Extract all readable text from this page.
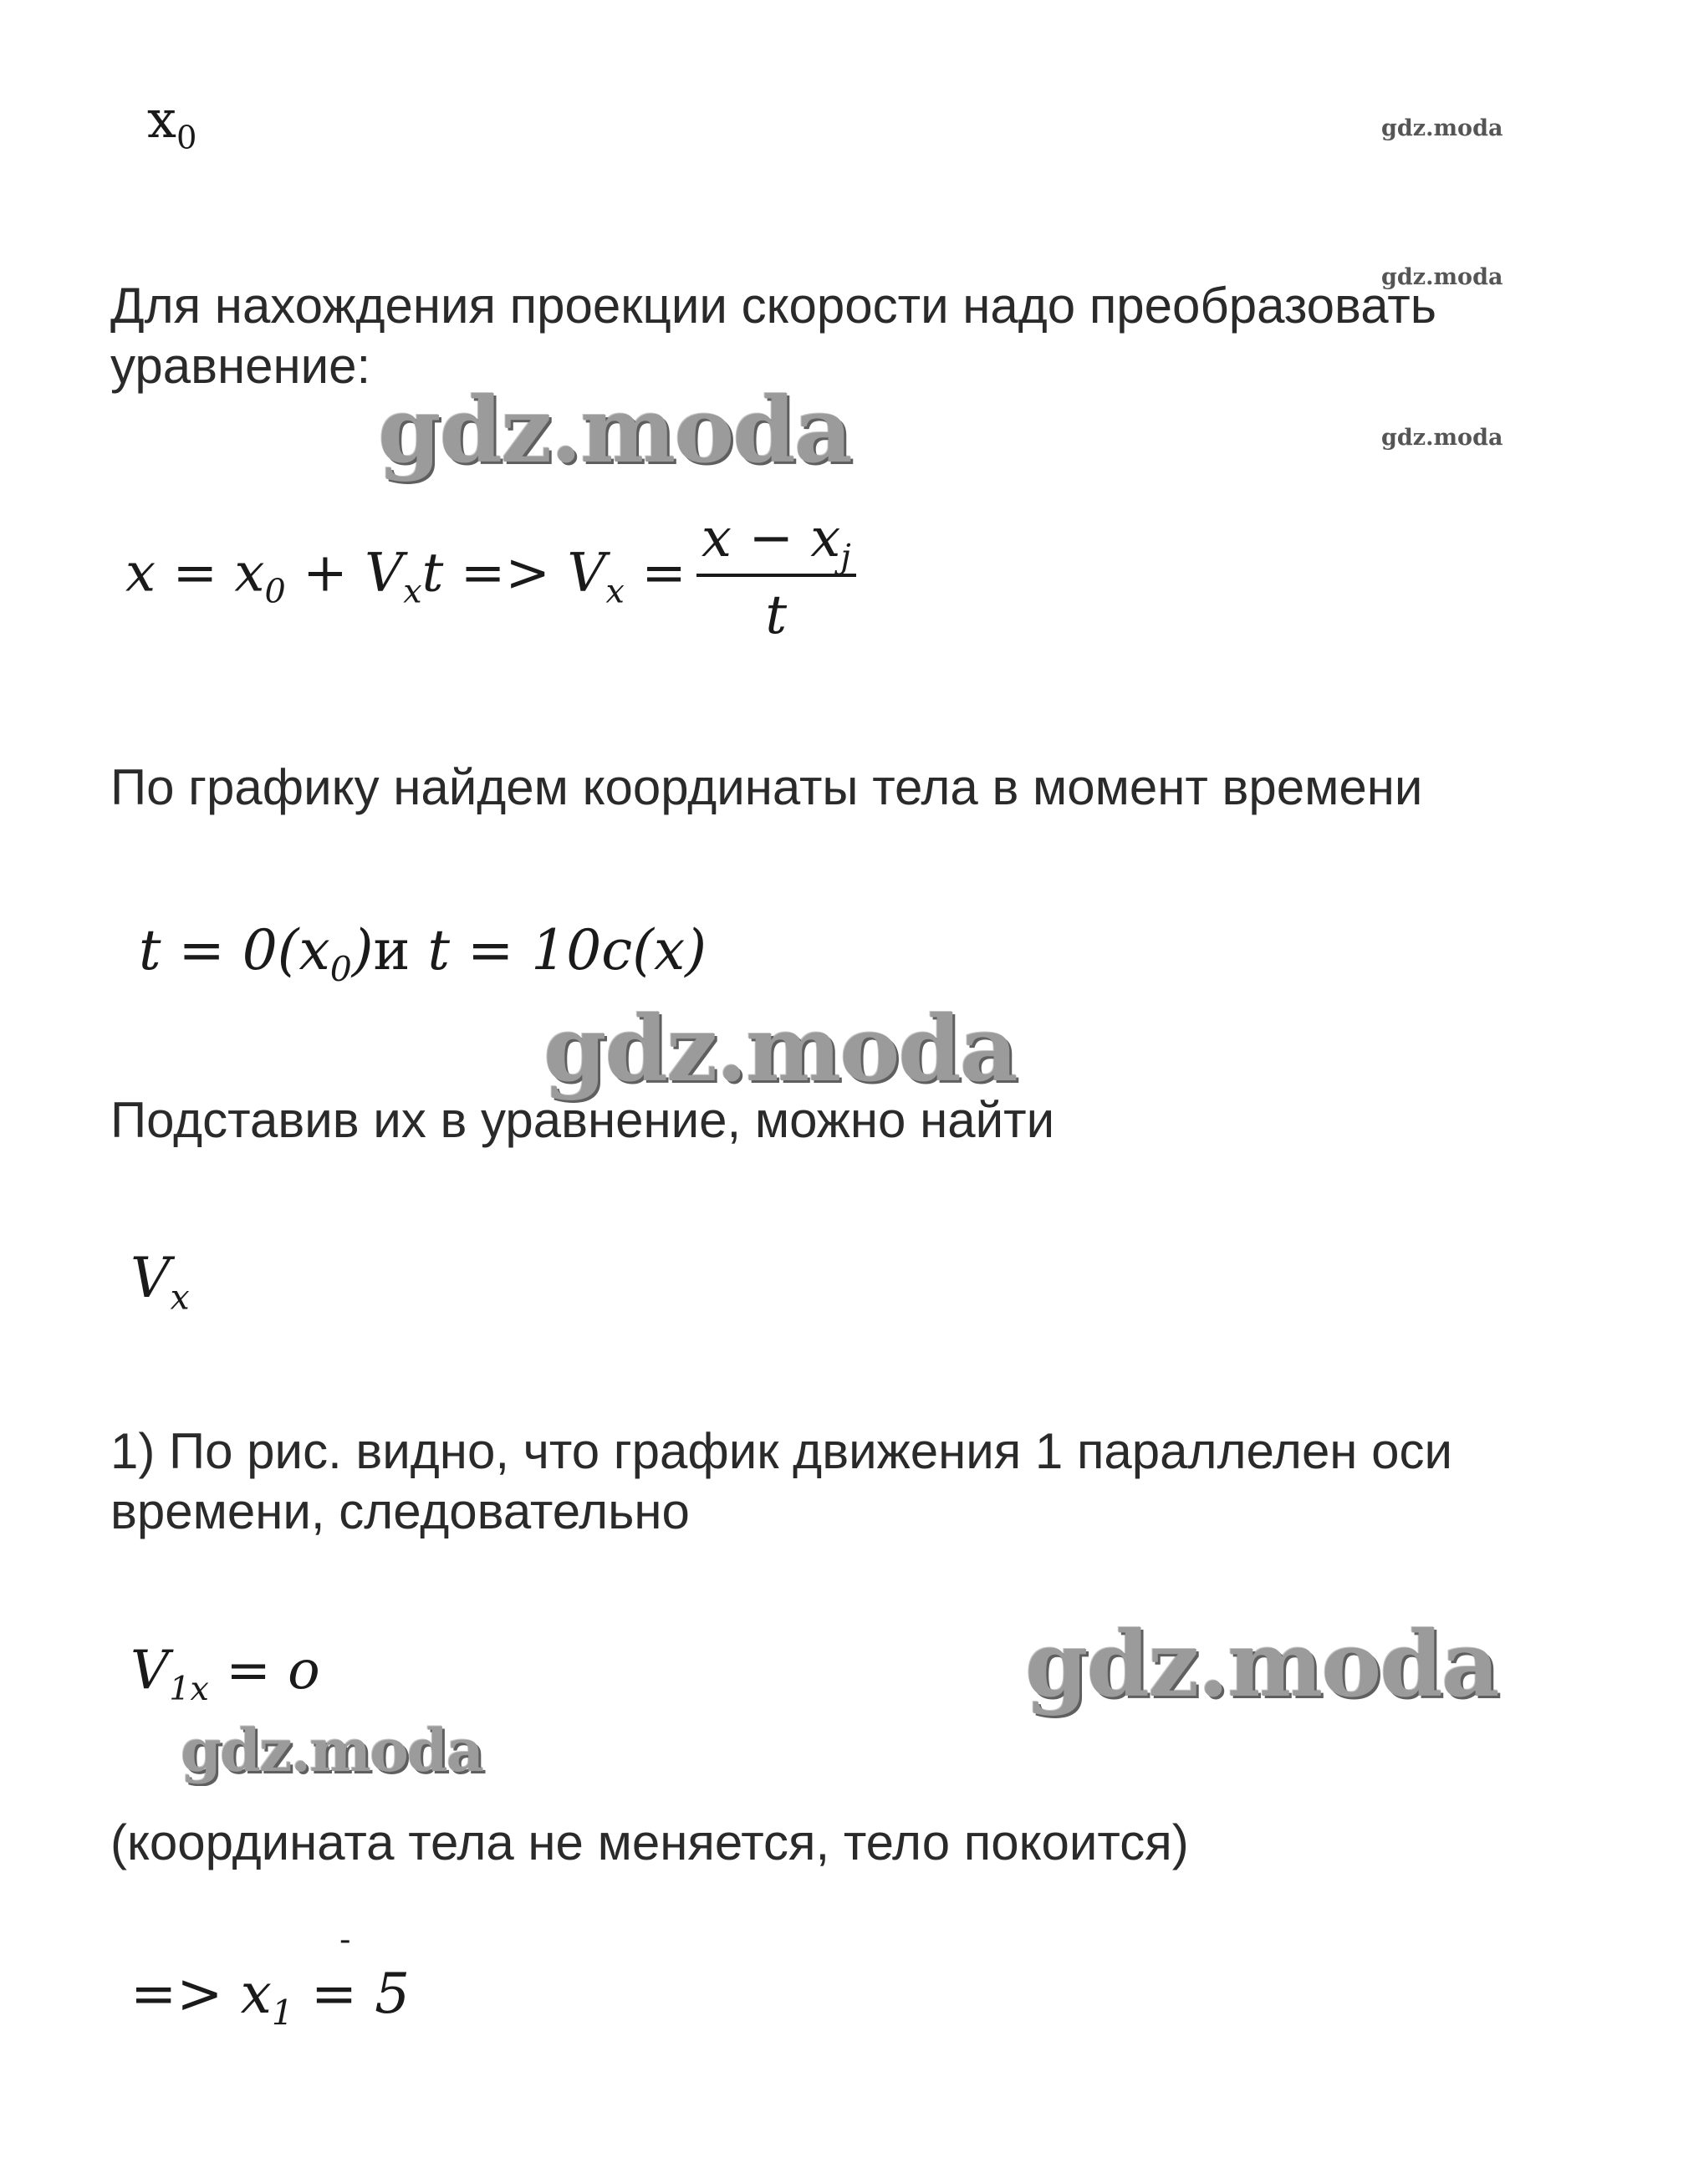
$x_0$	gdz.moda
gdz.moda

Для нахождения проекции скорости надо преобразовать
уравнение:

gdz.moda	gdz.moda
$x = x_0 + V_xt => V_x = \frac{x - x_j}{t}$

По графику найдем координаты тела в момент времени

$t = 0(x_0)и$ t = 10c(x)
gdz.moda

Подставив их в уравнение, можно найти

$V_x$

1) По рис. видно, что график движения 1 параллелен оси
времени, следовательно

$V_{1x} = o$	gdz.moda
gdz.moda

(координата тела не меняется, тело покоится)

=> $x_1 = 5$
-
